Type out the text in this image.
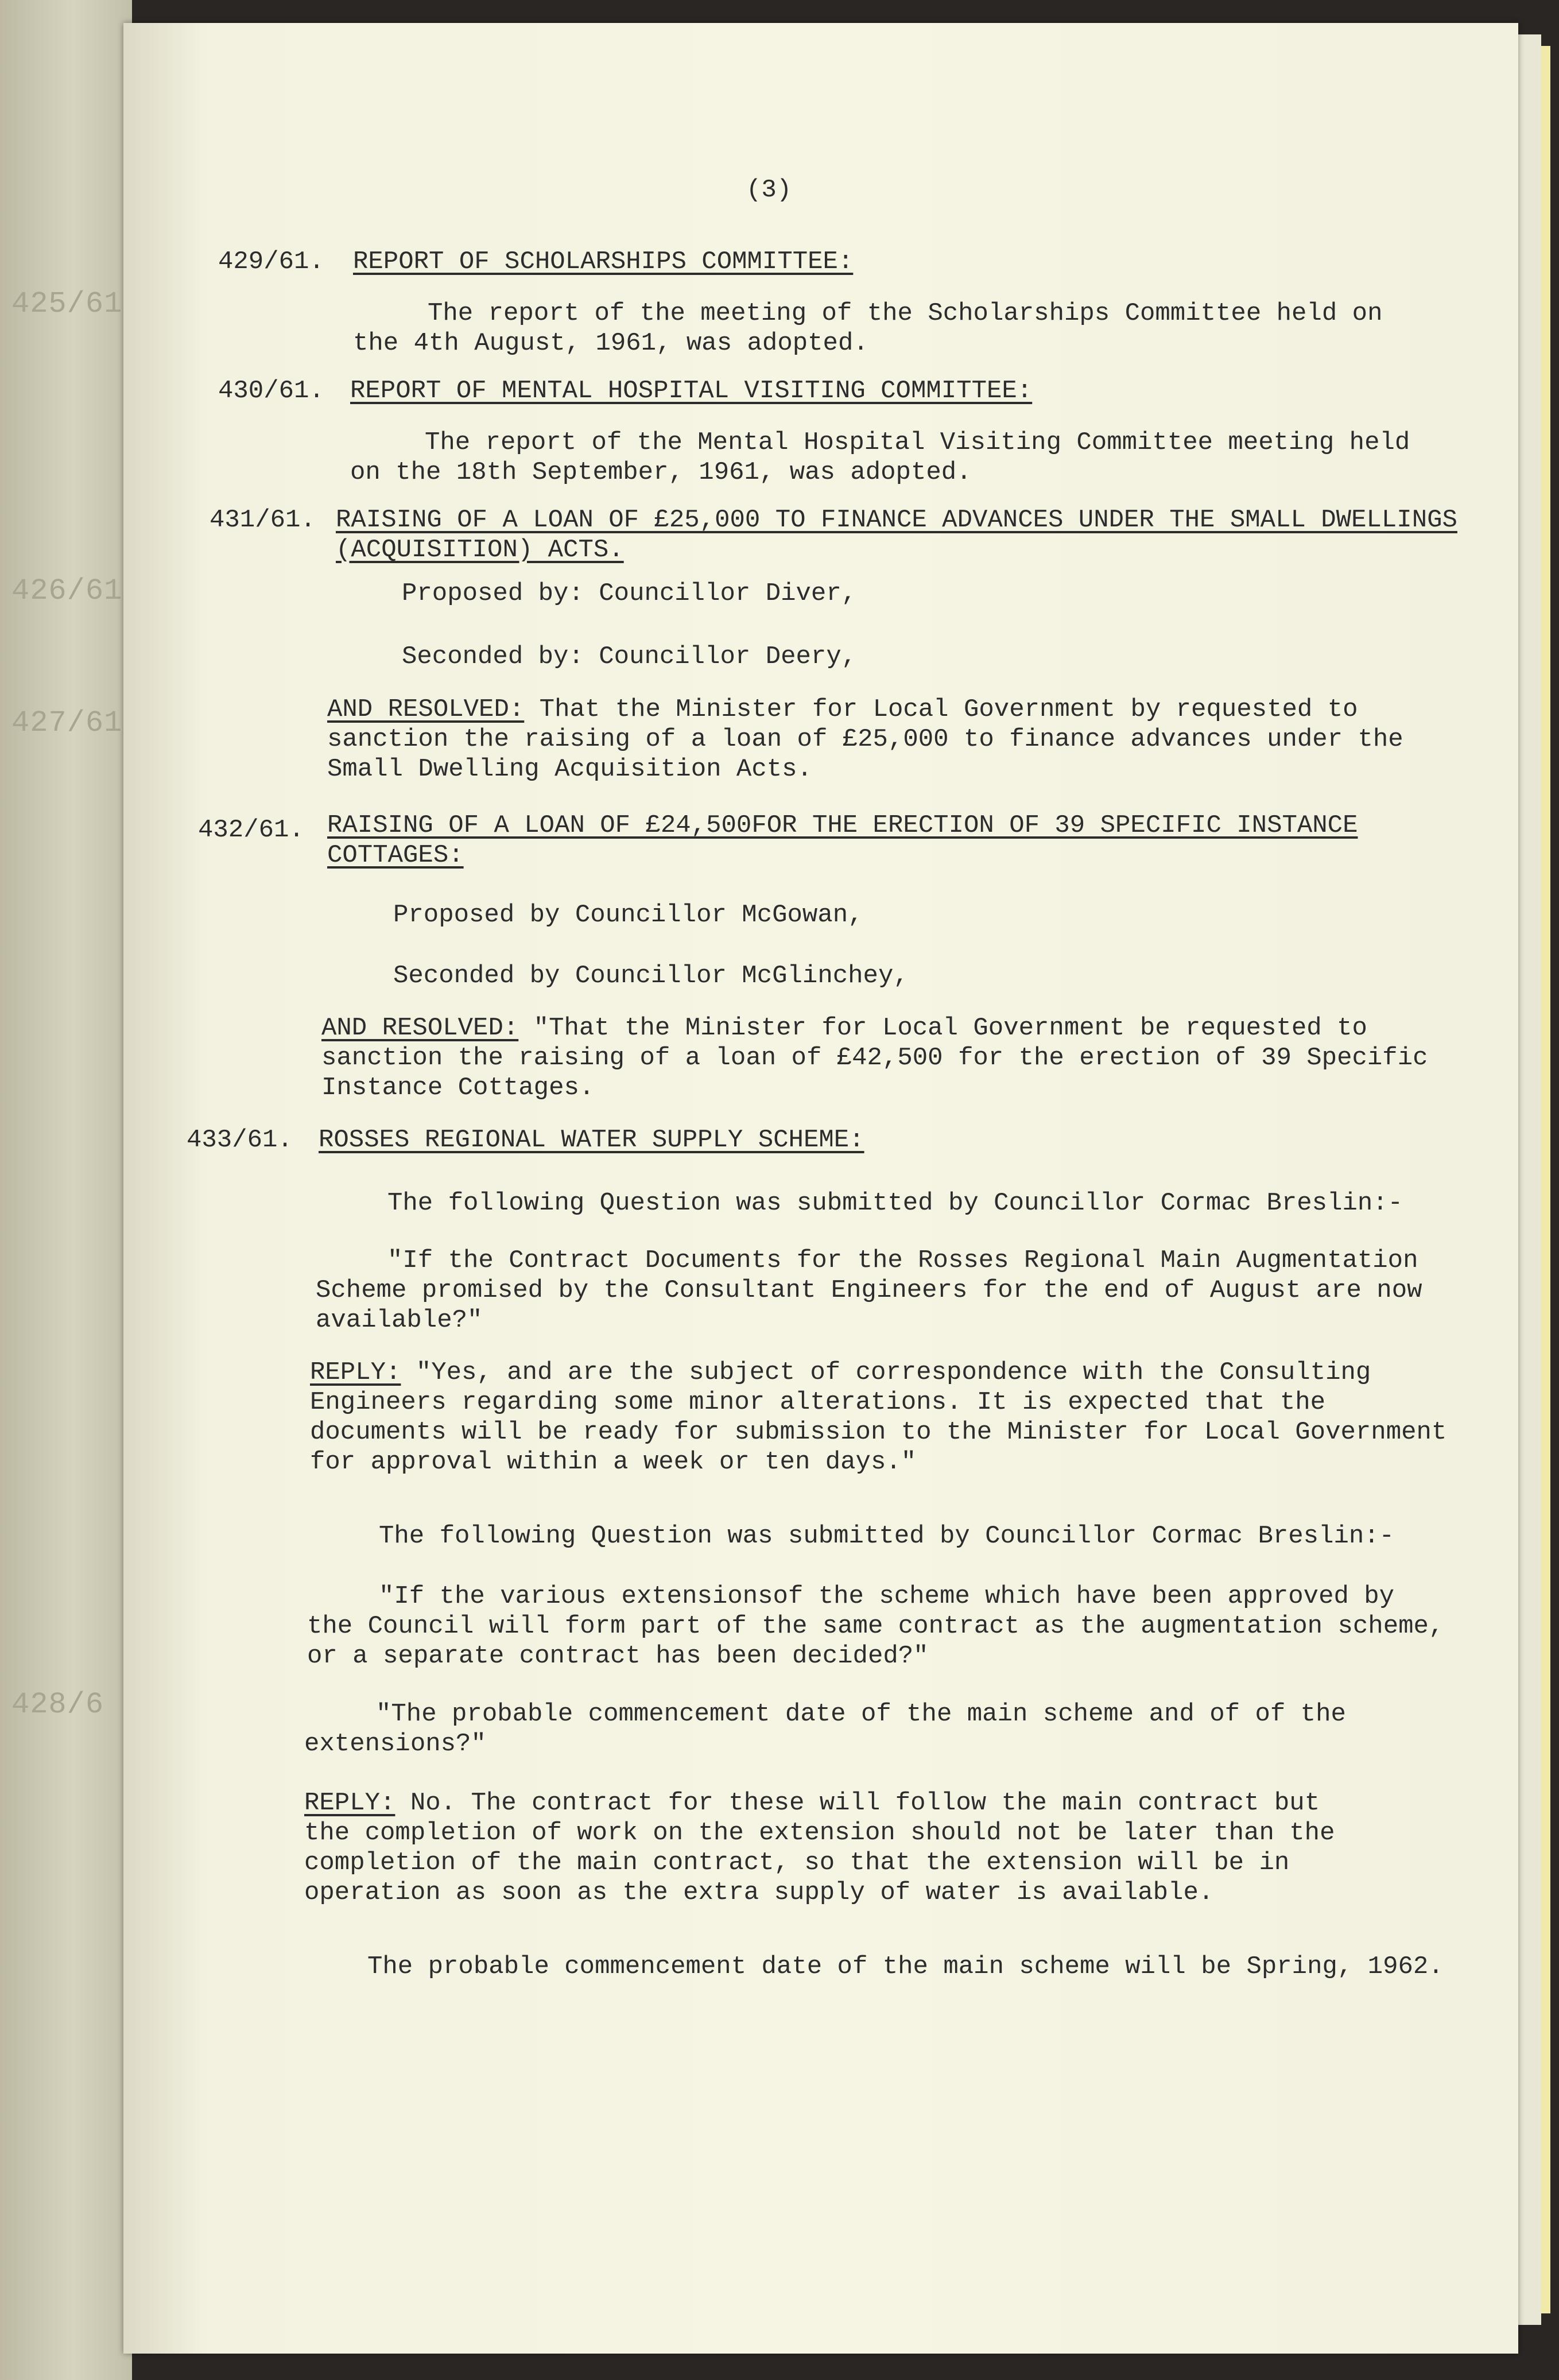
425/61
426/61
427/61
428/6
(3)
429/61. REPORT OF SCHOLARSHIPS COMMITTEE:
The report of the meeting of the Scholarships Committee held on
the 4th August, 1961, was adopted.
430/61. REPORT OF MENTAL HOSPITAL VISITING COMMITTEE:
The report of the Mental Hospital Visiting Committee meeting held
on the 18th September, 1961, was adopted.
431/61. RAISING OF A LOAN OF £25,000 TO FINANCE ADVANCES UNDER THE SMALL DWELLINGS
(ACQUISITION) ACTS.
Proposed by: Councillor Diver,
Seconded by: Councillor Deery,
AND RESOLVED: That the Minister for Local Government by requested to
sanction the raising of a loan of £25,000 to finance advances under the
Small Dwelling Acquisition Acts.
432/61. RAISING OF A LOAN OF £24,500FOR THE ERECTION OF 39 SPECIFIC INSTANCE
COTTAGES:
Proposed by Councillor McGowan,
Seconded by Councillor McGlinchey,
AND RESOLVED: "That the Minister for Local Government be requested to
sanction the raising of a loan of £42,500 for the erection of 39 Specific
Instance Cottages.
433/61. ROSSES REGIONAL WATER SUPPLY SCHEME:
The following Question was submitted by Councillor Cormac Breslin:-
"If the Contract Documents for the Rosses Regional Main Augmentation
Scheme promised by the Consultant Engineers for the end of August are now
available?"
REPLY: "Yes, and are the subject of correspondence with the Consulting
Engineers regarding some minor alterations. It is expected that the
documents will be ready for submission to the Minister for Local Government
for approval within a week or ten days."
The following Question was submitted by Councillor Cormac Breslin:-
"If the various extensionsof the scheme which have been approved by
the Council will form part of the same contract as the augmentation scheme,
or a separate contract has been decided?"
"The probable commencement date of the main scheme and of of the
extensions?"
REPLY: No. The contract for these will follow the main contract but
the completion of work on the extension should not be later than the
completion of the main contract, so that the extension will be in
operation as soon as the extra supply of water is available.
The probable commencement date of the main scheme will be Spring, 1962.
